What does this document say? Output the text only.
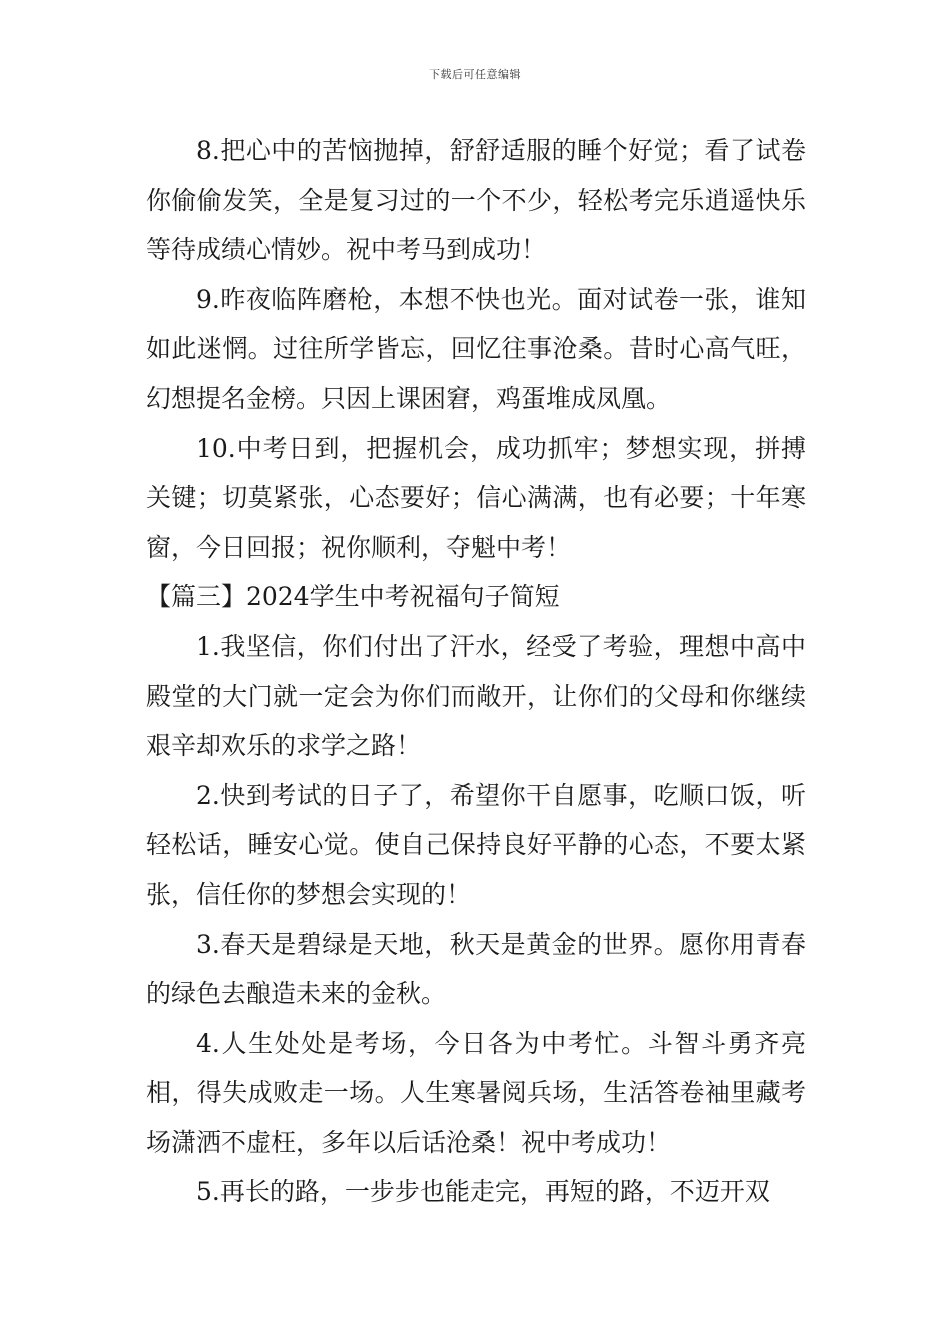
下载后可任意编辑

8.把心中的苦恼抛掉，舒舒适服的睡个好觉；看了试卷你偷偷发笑，全是复习过的一个不少，轻松考完乐逍遥快乐等待成绩心情妙。祝中考马到成功！

9.昨夜临阵磨枪，本想不快也光。面对试卷一张，谁知如此迷惘。过往所学皆忘，回忆往事沧桑。昔时心高气旺，幻想提名金榜。只因上课困窘，鸡蛋堆成凤凰。

10.中考日到，把握机会，成功抓牢；梦想实现，拼搏关键；切莫紧张，心态要好；信心满满，也有必要；十年寒窗，今日回报；祝你顺利，夺魁中考！

【篇三】2024学生中考祝福句子简短

1.我坚信，你们付出了汗水，经受了考验，理想中高中殿堂的大门就一定会为你们而敞开，让你们的父母和你继续艰辛却欢乐的求学之路！

2.快到考试的日子了，希望你干自愿事，吃顺口饭，听轻松话，睡安心觉。使自己保持良好平静的心态，不要太紧张，信任你的梦想会实现的！

3.春天是碧绿是天地，秋天是黄金的世界。愿你用青春的绿色去酿造未来的金秋。

4.人生处处是考场，今日各为中考忙。斗智斗勇齐亮相，得失成败走一场。人生寒暑阅兵场，生活答卷袖里藏考场潇洒不虚枉，多年以后话沧桑！祝中考成功！

5.再长的路，一步步也能走完，再短的路，不迈开双
